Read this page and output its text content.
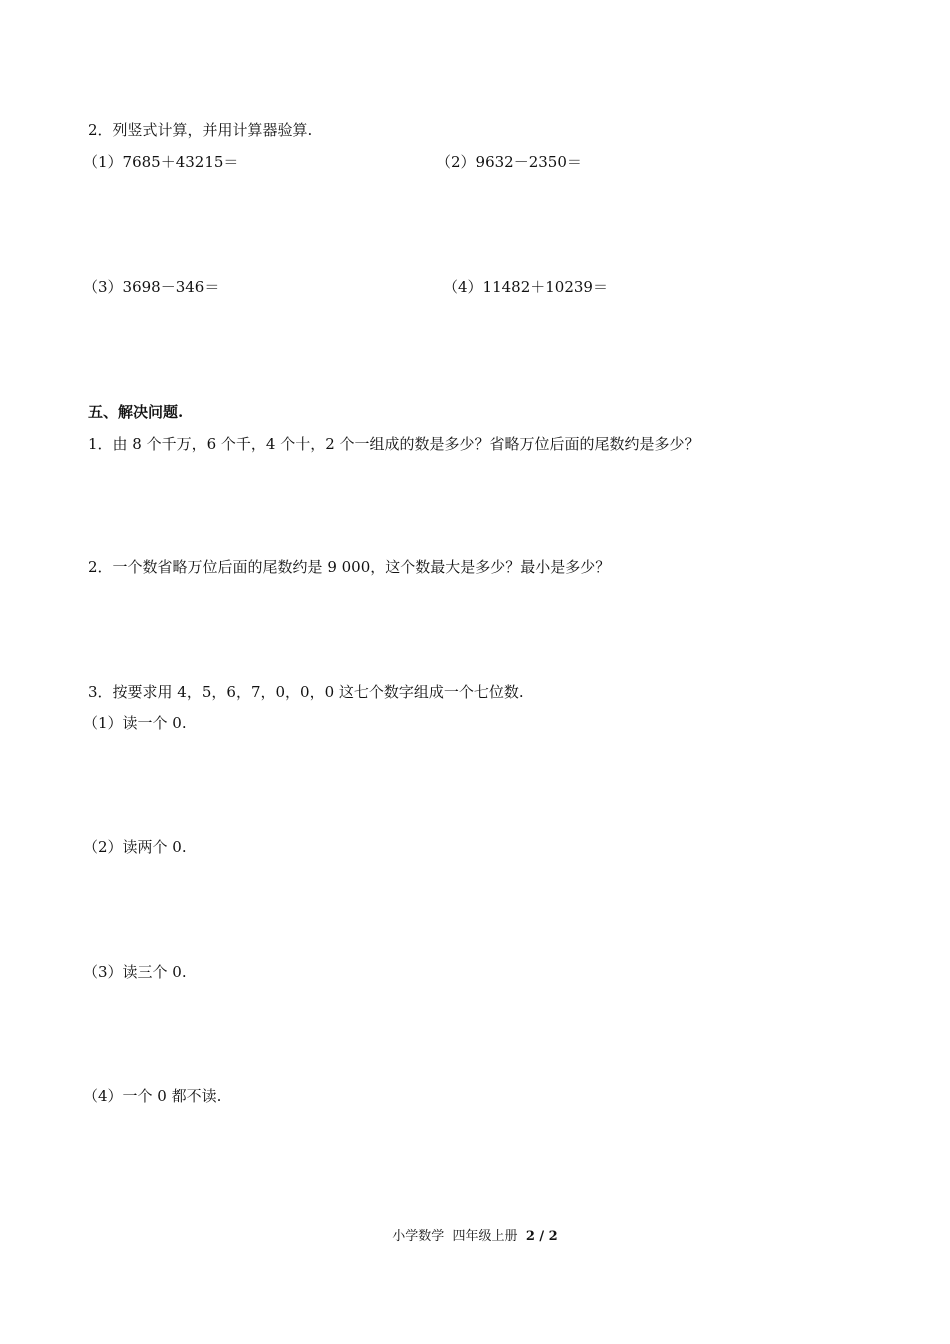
2．列竖式计算，并用计算器验算.
（1）7685＋43215＝	（2）9632－2350＝
（3）3698－346＝	（4）11482＋10239＝
五、解决问题.
1．由 8 个千万，6 个千，4 个十，2 个一组成的数是多少？省略万位后面的尾数约是多少？
2．一个数省略万位后面的尾数约是 9 000，这个数最大是多少？最小是多少？
3．按要求用 4，5，6，7，0，0，0 这七个数字组成一个七位数.
（1）读一个 0.
（2）读两个 0.
（3）读三个 0.
（4）一个 0 都不读.
小学数学 四年级上册 2 / 2
